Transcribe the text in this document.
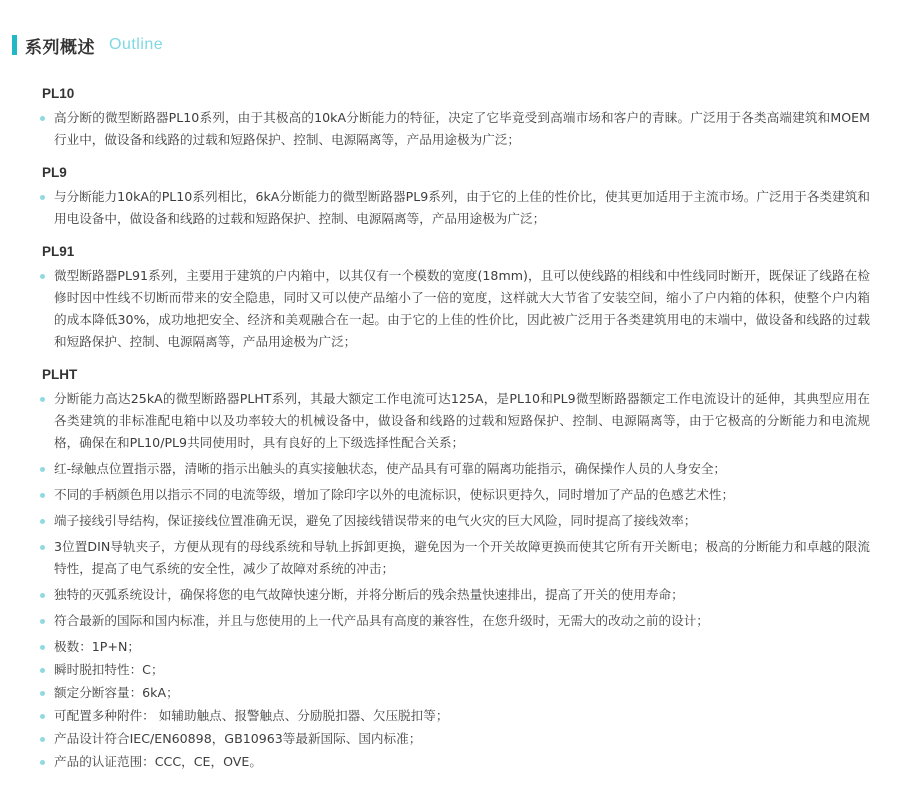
系列概述 Outline
PL10
高分断的微型断路器PL10系列，由于其极高的10kA分断能力的特征，决定了它毕竟受到高端市场和客户的青睐。广泛用于各类高端建筑和MOEM行业中，做设备和线路的过载和短路保护、控制、电源隔离等，产品用途极为广泛；
PL9
与分断能力10kA的PL10系列相比，6kA分断能力的微型断路器PL9系列，由于它的上佳的性价比，使其更加适用于主流市场。广泛用于各类建筑和用电设备中，做设备和线路的过载和短路保护、控制、电源隔离等，产品用途极为广泛；
PL91
微型断路器PL91系列，主要用于建筑的户内箱中，以其仅有一个模数的宽度(18mm)，且可以使线路的相线和中性线同时断开，既保证了线路在检修时因中性线不切断而带来的安全隐患，同时又可以使产品缩小了一倍的宽度，这样就大大节省了安装空间，缩小了户内箱的体积，使整个户内箱的成本降低30%，成功地把安全、经济和美观融合在一起。由于它的上佳的性价比，因此被广泛用于各类建筑用电的末端中，做设备和线路的过载和短路保护、控制、电源隔离等，产品用途极为广泛；
PLHT
分断能力高达25kA的微型断路器PLHT系列，其最大额定工作电流可达125A，是PL10和PL9微型断路器额定工作电流设计的延伸，其典型应用在各类建筑的非标准配电箱中以及功率较大的机械设备中，做设备和线路的过载和短路保护、控制、电源隔离等，由于它极高的分断能力和电流规格，确保在和PL10/PL9共同使用时，具有良好的上下级选择性配合关系；
红-绿触点位置指示器，清晰的指示出触头的真实接触状态，使产品具有可靠的隔离功能指示，确保操作人员的人身安全；
不同的手柄颜色用以指示不同的电流等级，增加了除印字以外的电流标识，使标识更持久，同时增加了产品的色感艺术性；
端子接线引导结构，保证接线位置准确无误，避免了因接线错误带来的电气火灾的巨大风险，同时提高了接线效率；
3位置DIN导轨夹子，方便从现有的母线系统和导轨上拆卸更换，避免因为一个开关故障更换而使其它所有开关断电；极高的分断能力和卓越的限流特性，提高了电气系统的安全性，减少了故障对系统的冲击；
独特的灭弧系统设计，确保将您的电气故障快速分断，并将分断后的残余热量快速排出，提高了开关的使用寿命；
符合最新的国际和国内标准，并且与您使用的上一代产品具有高度的兼容性，在您升级时，无需大的改动之前的设计；
极数：1P+N；
瞬时脱扣特性：C；
额定分断容量：6kA；
可配置多种附件： 如辅助触点、报警触点、分励脱扣器、欠压脱扣等；
产品设计符合IEC/EN60898，GB10963等最新国际、国内标准；
产品的认证范围：CCC，CE，OVE。
